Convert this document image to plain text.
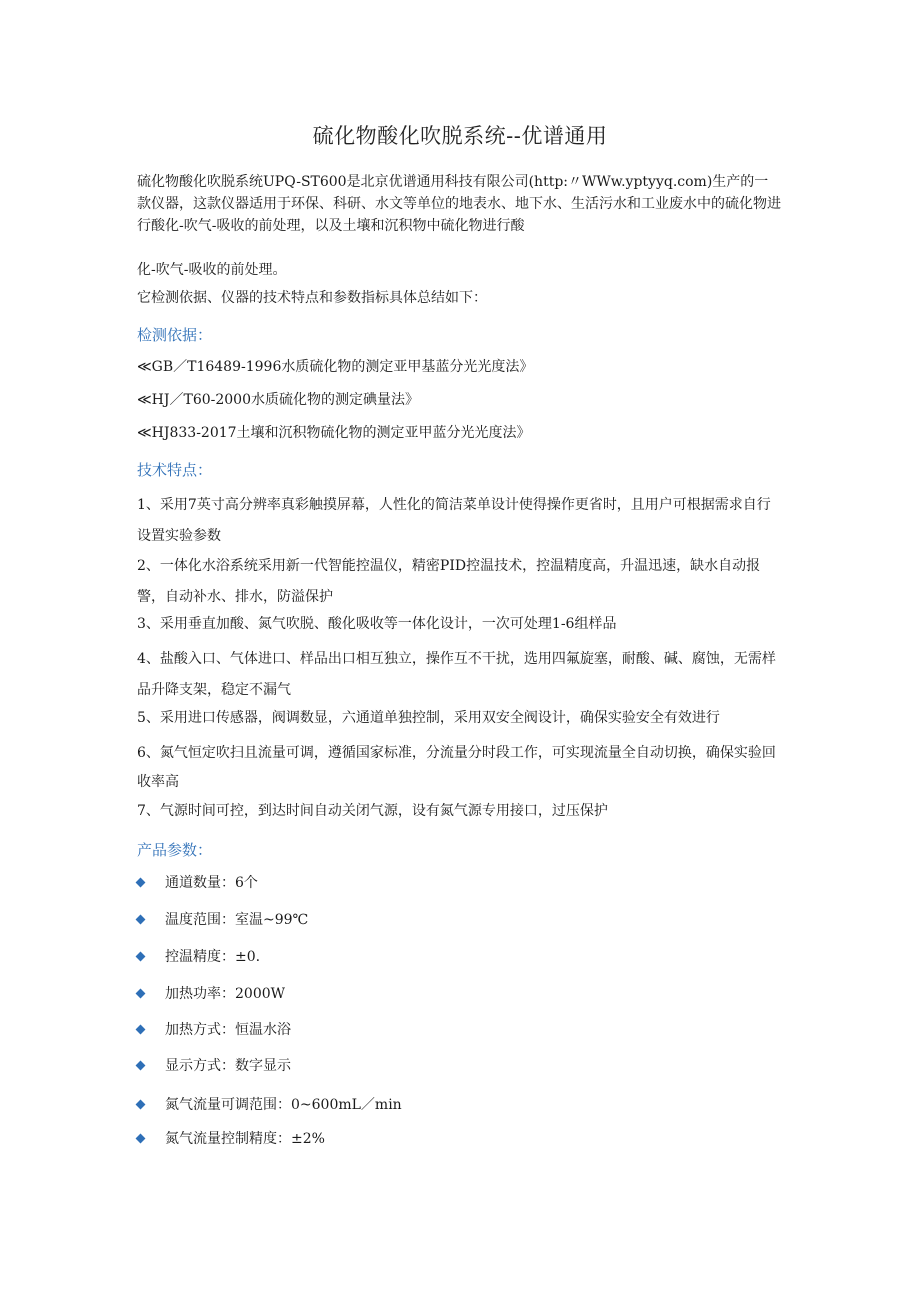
硫化物酸化吹脱系统--优谱通用

硫化物酸化吹脱系统UPQ-ST600是北京优谱通用科技有限公司(http:〃WWw.yptyyq.com)生产的一款仪器，这款仪器适用于环保、科研、水文等单位的地表水、地下水、生活污水和工业废水中的硫化物进行酸化-吹气-吸收的前处理，以及土壤和沉积物中硫化物进行酸

化-吹气-吸收的前处理。

它检测依据、仪器的技术特点和参数指标具体总结如下：

检测依据：

≪GB／T16489-1996水质硫化物的测定亚甲基蓝分光光度法》

≪HJ／T60-2000水质硫化物的测定碘量法》

≪HJ833-2017土壤和沉积物硫化物的测定亚甲蓝分光光度法》

技术特点：

1、采用7英寸高分辨率真彩触摸屏幕，人性化的简洁菜单设计使得操作更省时，且用户可根据需求自行设置实验参数

2、一体化水浴系统采用新一代智能控温仪，精密PID控温技术，控温精度高，升温迅速，缺水自动报警，自动补水、排水，防溢保护

3、采用垂直加酸、氮气吹脱、酸化吸收等一体化设计，一次可处理1-6组样品

4、盐酸入口、气体进口、样品出口相互独立，操作互不干扰，选用四氟旋塞，耐酸、碱、腐蚀，无需样品升降支架，稳定不漏气

5、采用进口传感器，阀调数显，六通道单独控制，采用双安全阀设计，确保实验安全有效进行

6、氮气恒定吹扫且流量可调，遵循国家标准，分流量分时段工作，可实现流量全自动切换，确保实验回收率高

7、气源时间可控，到达时间自动关闭气源，设有氮气源专用接口，过压保护

产品参数：
通道数量：6个
温度范围：室温~99℃
控温精度：±0.
加热功率：2000W
加热方式：恒温水浴
显示方式：数字显示
氮气流量可调范围：0~600mL／min
氮气流量控制精度：±2%
